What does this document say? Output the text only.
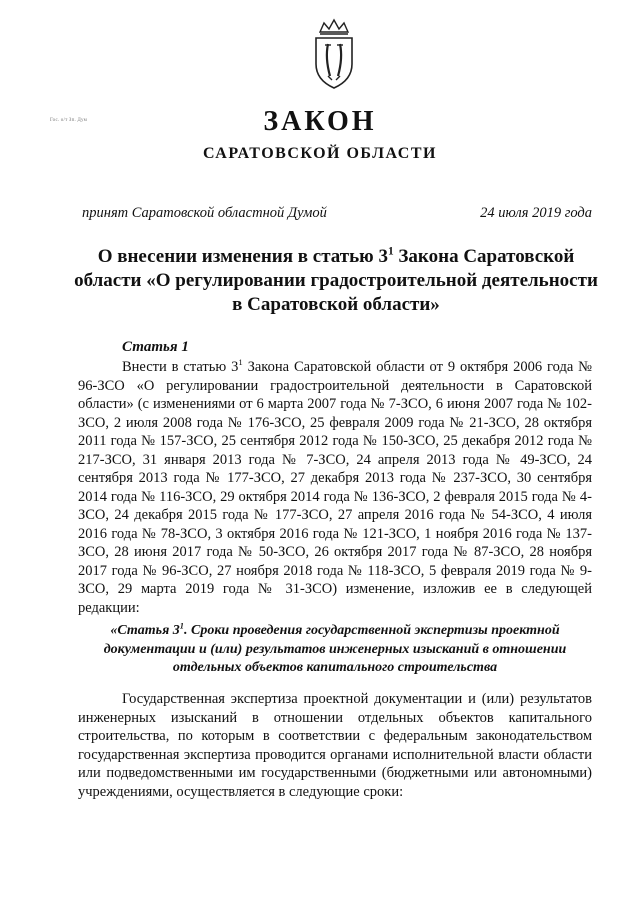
Гос. о/т Зп. Дум	ЗАКОН
САРАТОВСКОЙ ОБЛАСТИ
принят Саратовской областной Думой	24 июля 2019 года
О внесении изменения в статью $3^1$ Закона Саратовской области «О регулировании градостроительной деятельности в Саратовской области»
Статья 1
Внести в статью $3^1$ Закона Саратовской области от 9 октября 2006 года № 96-ЗСО «О регулировании градостроительной деятельности в Саратовской области» (с изменениями от 6 марта 2007 года № 7-ЗСО, 6 июня 2007 года № 102-ЗСО, 2 июля 2008 года № 176-ЗСО, 25 февраля 2009 года № 21-ЗСО, 28 октября 2011 года № 157-ЗСО, 25 сентября 2012 года № 150-ЗСО, 25 декабря 2012 года № 217-ЗСО, 31 января 2013 года № 7-ЗСО, 24 апреля 2013 года № 49-ЗСО, 24 сентября 2013 года № 177-ЗСО, 27 декабря 2013 года № 237-ЗСО, 30 сентября 2014 года № 116-ЗСО, 29 октября 2014 года № 136-ЗСО, 2 февраля 2015 года № 4-ЗСО, 24 декабря 2015 года № 177-ЗСО, 27 апреля 2016 года № 54-ЗСО, 4 июля 2016 года № 78-ЗСО, 3 октября 2016 года № 121-ЗСО, 1 ноября 2016 года № 137-ЗСО, 28 июня 2017 года № 50-ЗСО, 26 октября 2017 года № 87-ЗСО, 28 ноября 2017 года № 96-ЗСО, 27 ноября 2018 года № 118-ЗСО, 5 февраля 2019 года № 9-ЗСО, 29 марта 2019 года № 31-ЗСО) изменение, изложив ее в следующей редакции:
«Статья $3^1$. Сроки проведения государственной экспертизы проектной документации и (или) результатов инженерных изысканий в отношении отдельных объектов капитального строительства
Государственная экспертиза проектной документации и (или) результатов инженерных изысканий в отношении отдельных объектов капитального строительства, по которым в соответствии с федеральным законодательством государственная экспертиза проводится органами исполнительной власти области или подведомственными им государственными (бюджетными или автономными) учреждениями, осуществляется в следующие сроки:
